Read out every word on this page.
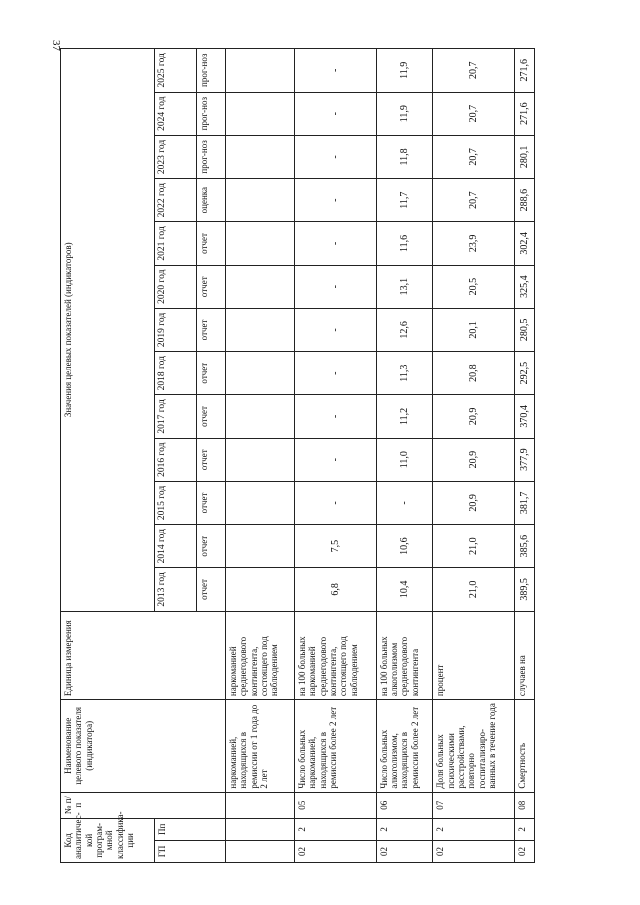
37
Код аналитичес-кой програм-мной классифика-ции		№ п/п	Наименование целевого показателя (индикатора)	Единица измерения	Значения целевых показателей (индикаторов)												
ГП	Пп				2013 год	2014 год	2015 год	2016 год	2017 год	2018 год	2019 год	2020 год	2021 год	2022 год	2023 год	2024 год	2025 год
					отчет	отчет	отчет	отчет	отчет	отчет	отчет	отчет	отчет	оценка	прог-ноз	прог-ноз	прог-ноз
			наркоманией, находящихся в ремиссии от 1 года до 2 лет	наркоманией среднегодового контингента, состоящего под наблюдением													
02	2	05	Число больных наркоманией, находящихся в ремиссии более 2 лет	на 100 больных наркоманией среднегодового контингента, состоящего под наблюдением	6,8	7,5	-	-	-	-	-	-	-	-	-	-	-
02	2	06	Число больных алкоголизмом, находящихся в ремиссии более 2 лет	на 100 больных алкоголизмом среднегодового контингента	10,4	10,6	-	11,0	11,2	11,3	12,6	13,1	11,6	11,7	11,8	11,9	11,9
02	2	07	Доля больных психическими расстройствами, повторно госпитализиро-ванных в течение года	процент	21,0	21,0	20,9	20,9	20,9	20,8	20,1	20,5	23,9	20,7	20,7	20,7	20,7
02	2	08	Смертность	случаев на	389,5	385,6	381,7	377,9	370,4	292,5	280,5	325,4	302,4	288,6	280,1	271,6	271,6
